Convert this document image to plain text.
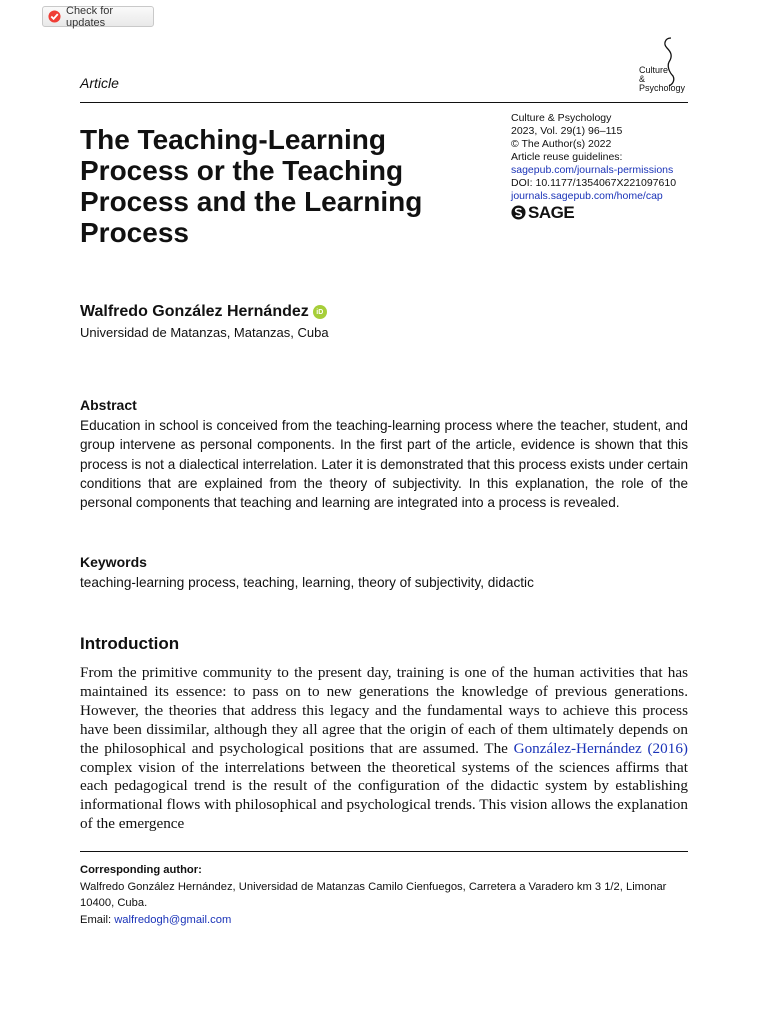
Check for updates
Culture
& Psychology
Article
The Teaching-Learning Process or the Teaching Process and the Learning Process
Culture & Psychology
2023, Vol. 29(1) 96–115
© The Author(s) 2022
Article reuse guidelines:
sagepub.com/journals-permissions
DOI: 10.1177/1354067X221097610
journals.sagepub.com/home/cap
SAGE
Walfredo González Hernández	iD
Universidad de Matanzas, Matanzas, Cuba
Abstract

Education in school is conceived from the teaching-learning process where the teacher, student, and group intervene as personal components. In the first part of the article, evidence is shown that this process is not a dialectical interrelation. Later it is demonstrated that this process exists under certain conditions that are explained from the theory of subjectivity. In this explanation, the role of the personal components that teaching and learning are integrated into a process is revealed.

Keywords

teaching-learning process, teaching, learning, theory of subjectivity, didactic

Introduction

From the primitive community to the present day, training is one of the human activities that has maintained its essence: to pass on to new generations the knowledge of previous generations. However, the theories that address this legacy and the fundamental ways to achieve this process have been dissimilar, although they all agree that the origin of each of them ultimately depends on the philosophical and psychological positions that are assumed. The González-Hernández (2016) complex vision of the interrelations between the theoretical systems of the sciences affirms that each pedagogical trend is the result of the configuration of the didactic system by establishing informational flows with philosophical and psychological trends. This vision allows the explanation of the emergence

Corresponding author:
Walfredo González Hernández, Universidad de Matanzas Camilo Cienfuegos, Carretera a Varadero km 3 1/2, Limonar 10400, Cuba.
Email: walfredogh@gmail.com
